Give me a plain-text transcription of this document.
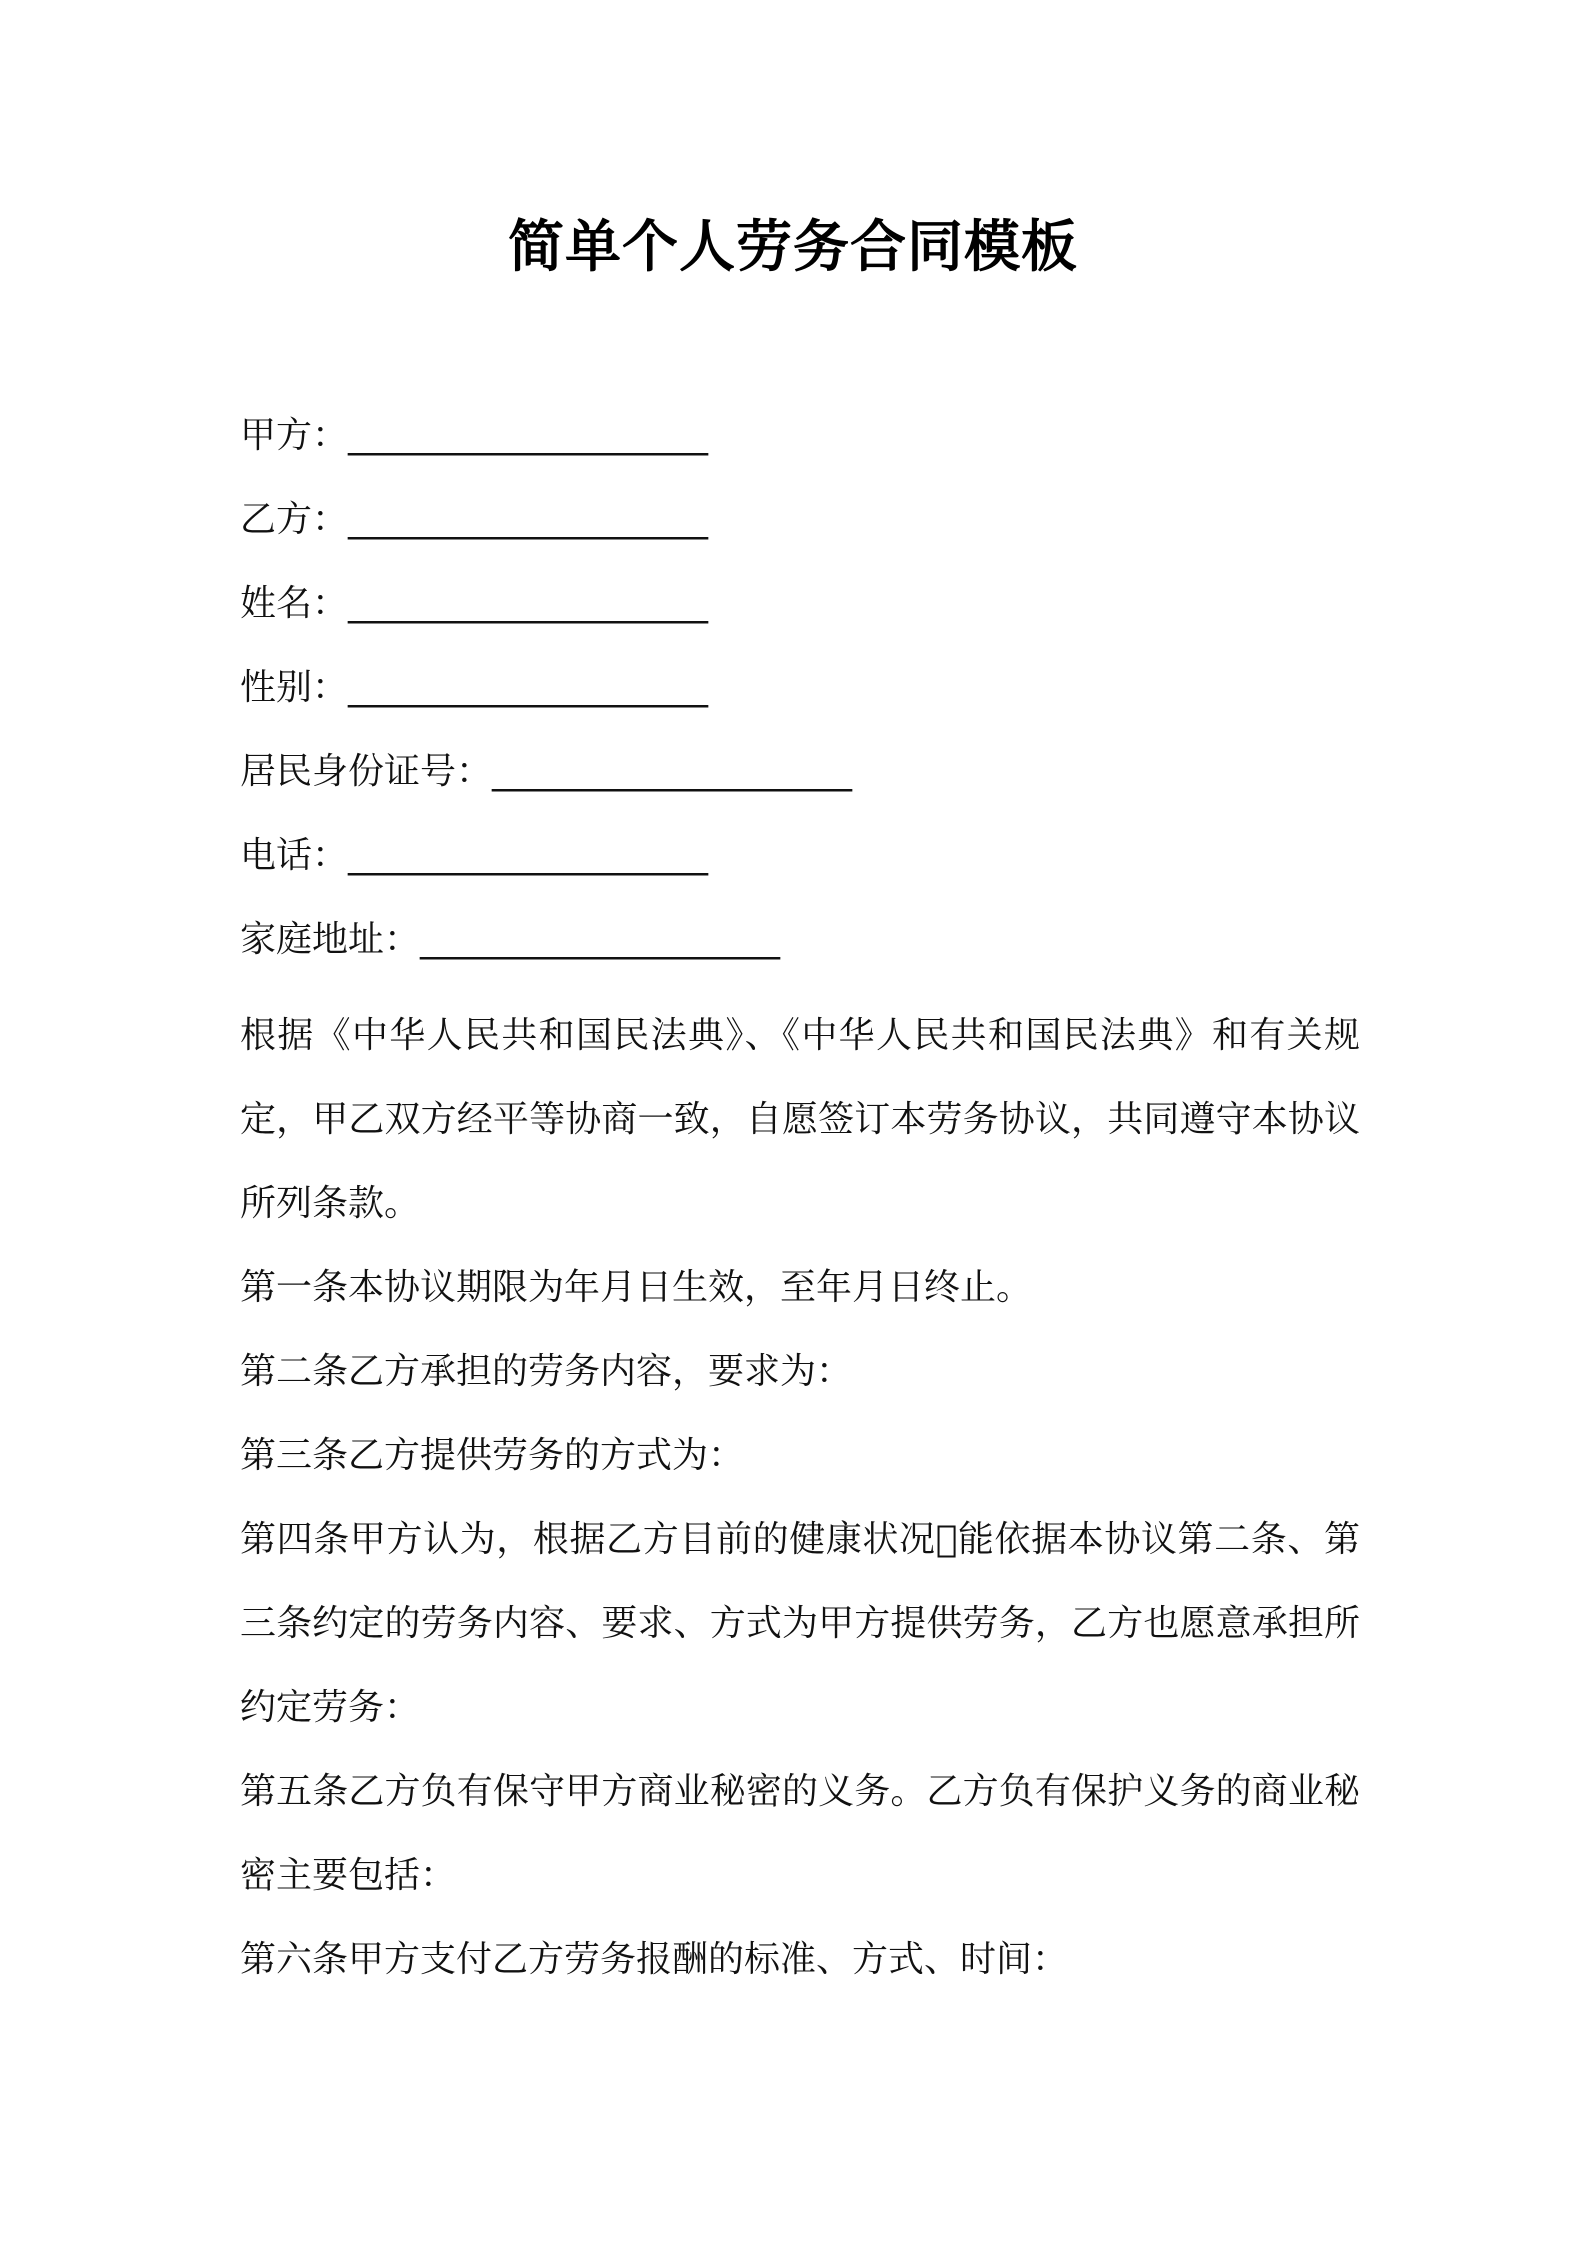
简单个人劳务合同模板
甲方：____________________
乙方：____________________
姓名：____________________
性别：____________________
居民身份证号：____________________
电话：____________________
家庭地址：____________________

根据《中华人民共和国民法典》、《中华人民共和国民法典》和有关规定，甲乙双方经平等协商一致，自愿签订本劳务协议，共同遵守本协议所列条款。

第一条本协议期限为年月日生效，至年月日终止。

第二条乙方承担的劳务内容，要求为：

第三条乙方提供劳务的方式为：

第四条甲方认为，根据乙方目前的健康状况􀀀能依据本协议第二条、第三条约定的劳务内容、要求、方式为甲方提供劳务，乙方也愿意承担所约定劳务：

第五条乙方负有保守甲方商业秘密的义务。乙方负有保护义务的商业秘密主要包括：

第六条甲方支付乙方劳务报酬的标准、方式、时间：
